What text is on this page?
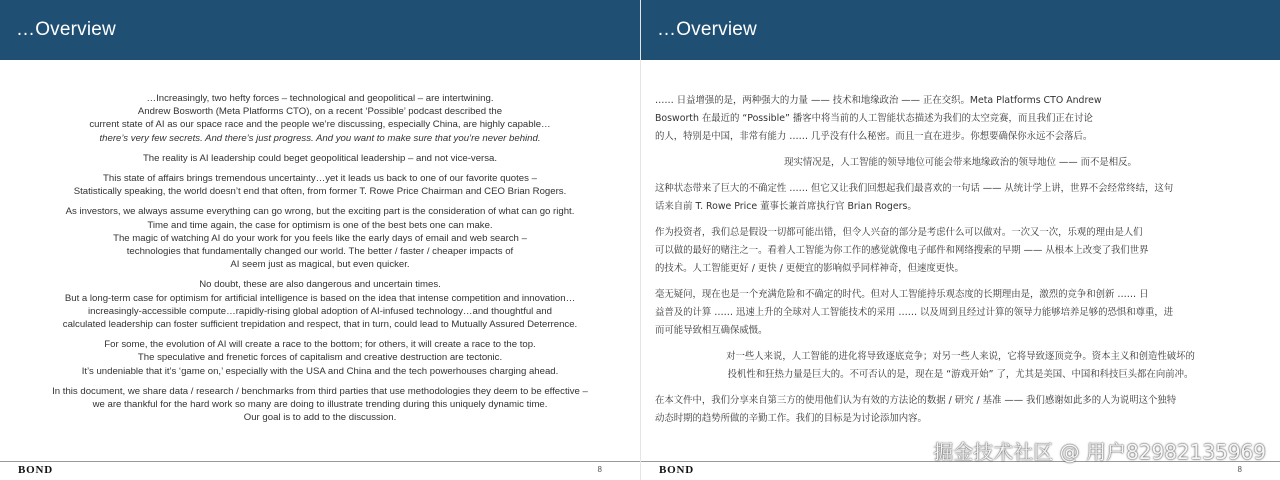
…Overview
…Increasingly, two hefty forces – technological and geopolitical – are intertwining.
Andrew Bosworth (Meta Platforms CTO), on a recent ‘Possible’ podcast described the
current state of AI as our space race and the people we’re discussing, especially China, are highly capable…
there’s very few secrets. And there’s just progress. And you want to make sure that you’re never behind.
The reality is AI leadership could beget geopolitical leadership – and not vice-versa.
This state of affairs brings tremendous uncertainty…yet it leads us back to one of our favorite quotes –
Statistically speaking, the world doesn’t end that often, from former T. Rowe Price Chairman and CEO Brian Rogers.
As investors, we always assume everything can go wrong, but the exciting part is the consideration of what can go right.
Time and time again, the case for optimism is one of the best bets one can make.
The magic of watching AI do your work for you feels like the early days of email and web search –
technologies that fundamentally changed our world. The better / faster / cheaper impacts of
AI seem just as magical, but even quicker.
No doubt, these are also dangerous and uncertain times.
But a long-term case for optimism for artificial intelligence is based on the idea that intense competition and innovation…
increasingly-accessible compute…rapidly-rising global adoption of AI-infused technology…and thoughtful and
calculated leadership can foster sufficient trepidation and respect, that in turn, could lead to Mutually Assured Deterrence.
For some, the evolution of AI will create a race to the bottom; for others, it will create a race to the top.
The speculative and frenetic forces of capitalism and creative destruction are tectonic.
It’s undeniable that it’s ‘game on,’ especially with the USA and China and the tech powerhouses charging ahead.
In this document, we share data / research / benchmarks from third parties that use methodologies they deem to be effective –
we are thankful for the hard work so many are doing to illustrate trending during this uniquely dynamic time.
Our goal is to add to the discussion.
BOND	8
…Overview
…… 日益增强的是，两种强大的力量 —— 技术和地缘政治 —— 正在交织。Meta Platforms CTO Andrew
Bosworth 在最近的 “Possible” 播客中将当前的人工智能状态描述为我们的太空竞赛，而且我们正在讨论
的人，特别是中国，非常有能力 …… 几乎没有什么秘密。而且一直在进步。你想要确保你永远不会落后。
现实情况是，人工智能的领导地位可能会带来地缘政治的领导地位 —— 而不是相反。
这种状态带来了巨大的不确定性 …… 但它又让我们回想起我们最喜欢的一句话 —— 从统计学上讲，世界不会经常终结，这句
话来自前 T. Rowe Price 董事长兼首席执行官 Brian Rogers。
作为投资者，我们总是假设一切都可能出错，但令人兴奋的部分是考虑什么可以做对。一次又一次，乐观的理由是人们
可以做的最好的赌注之一。看着人工智能为你工作的感觉就像电子邮件和网络搜索的早期 —— 从根本上改变了我们世界
的技术。人工智能更好 / 更快 / 更便宜的影响似乎同样神奇，但速度更快。
毫无疑问，现在也是一个充满危险和不确定的时代。但对人工智能持乐观态度的长期理由是，激烈的竞争和创新 …… 日
益普及的计算 …… 迅速上升的全球对人工智能技术的采用 …… 以及周到且经过计算的领导力能够培养足够的恐惧和尊重，进
而可能导致相互确保威慑。
对一些人来说，人工智能的进化将导致逐底竞争；对另一些人来说，它将导致逐顶竞争。资本主义和创造性破坏的
投机性和狂热力量是巨大的。不可否认的是，现在是 “游戏开始” 了，尤其是美国、中国和科技巨头都在向前冲。
在本文件中，我们分享来自第三方的使用他们认为有效的方法论的数据 / 研究 / 基准 —— 我们感谢如此多的人为说明这个独特
动态时期的趋势所做的辛勤工作。我们的目标是为讨论添加内容。
BOND	8
掘金技术社区 @ 用户82982135969
